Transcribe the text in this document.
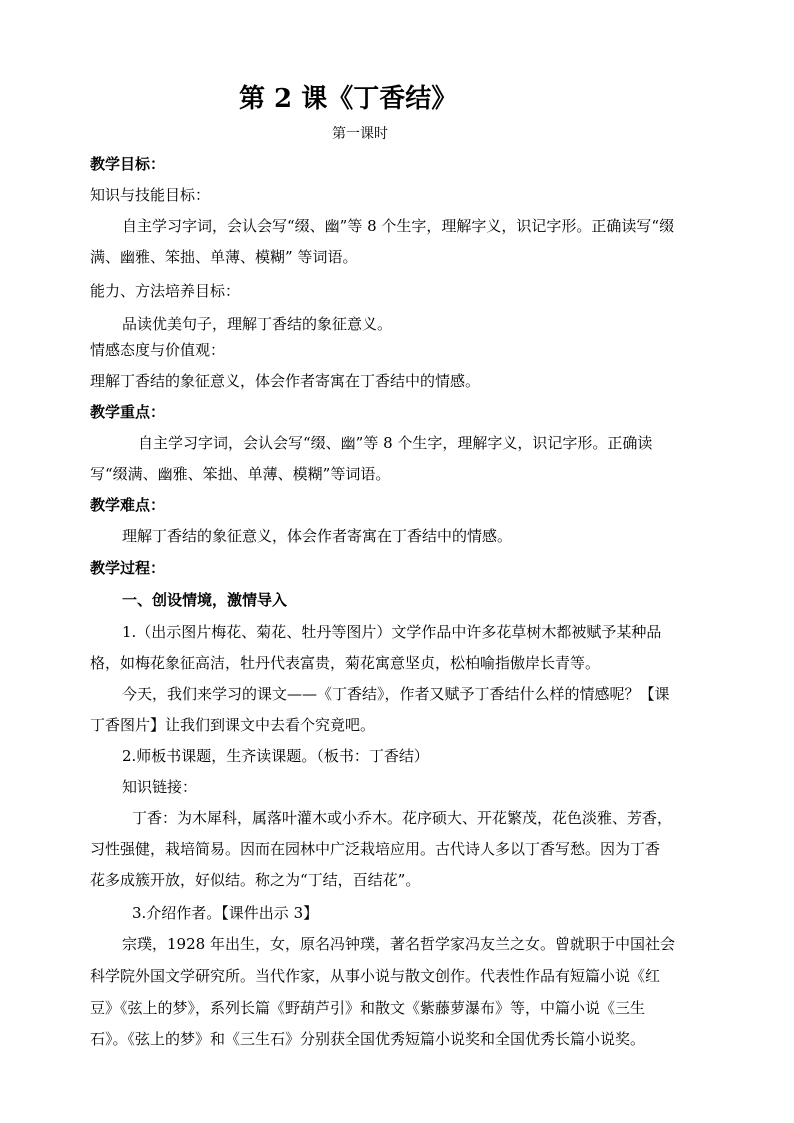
第 2 课《丁香结》
第一课时
教学目标：
知识与技能目标：
自主学习字词，会认会写“缀、幽”等 8 个生字，理解字义，识记字形。正确读写“缀
满、幽雅、笨拙、单薄、模糊” 等词语。
能力、方法培养目标：
品读优美句子，理解丁香结的象征意义。
情感态度与价值观：
理解丁香结的象征意义，体会作者寄寓在丁香结中的情感。
教学重点：
自主学习字词，会认会写“缀、幽”等 8 个生字，理解字义，识记字形。正确读
写“缀满、幽雅、笨拙、单薄、模糊”等词语。
教学难点：
理解丁香结的象征意义，体会作者寄寓在丁香结中的情感。
教学过程：
一、创设情境，激情导入
1.（出示图片梅花、菊花、牡丹等图片）文学作品中许多花草树木都被赋予某种品
格，如梅花象征高洁，牡丹代表富贵，菊花寓意坚贞，松柏喻指傲岸长青等。
今天，我们来学习的课文——《丁香结》，作者又赋予丁香结什么样的情感呢？【课
丁香图片】让我们到课文中去看个究竟吧。
2.师板书课题，生齐读课题。（板书：丁香结）
知识链接：
丁香：为木犀科，属落叶灌木或小乔木。花序硕大、开花繁茂，花色淡雅、芳香，
习性强健，栽培简易。因而在园林中广泛栽培应用。古代诗人多以丁香写愁。因为丁香
花多成簇开放，好似结。称之为“丁结，百结花”。
3.介绍作者。【课件出示 3】
宗璞，1928 年出生，女，原名冯钟璞，著名哲学家冯友兰之女。曾就职于中国社会
科学院外国文学研究所。当代作家，从事小说与散文创作。代表性作品有短篇小说《红
豆》《弦上的梦》，系列长篇《野葫芦引》和散文《紫藤萝瀑布》等，中篇小说《三生
石》。《弦上的梦》和《三生石》分别获全国优秀短篇小说奖和全国优秀长篇小说奖。
